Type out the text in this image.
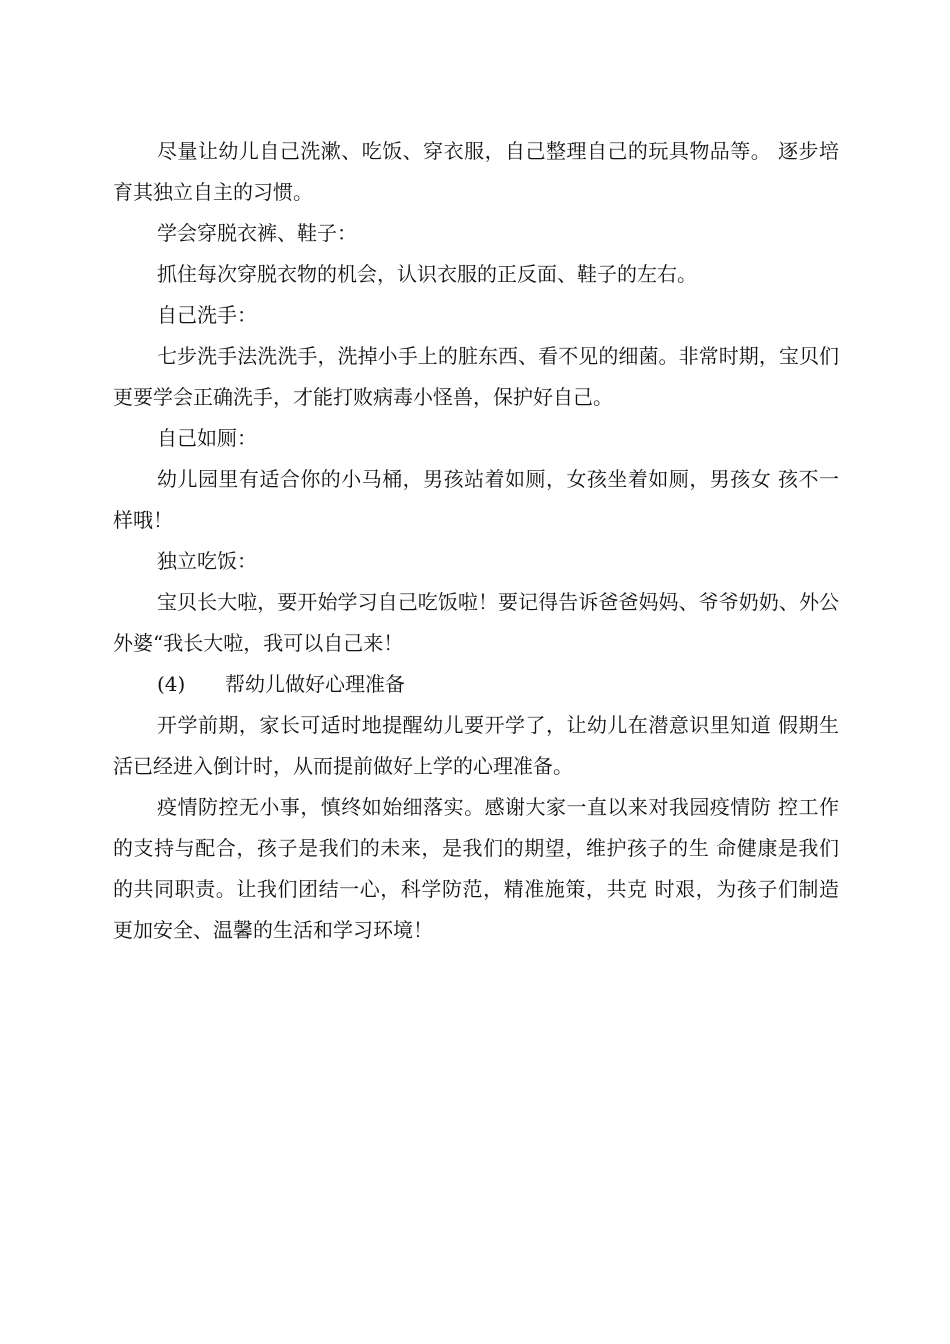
尽量让幼儿自己洗漱、吃饭、穿衣服，自己整理自己的玩具物品等。 逐步培育其独立自主的习惯。

学会穿脱衣裤、鞋子：

抓住每次穿脱衣物的机会，认识衣服的正反面、鞋子的左右。

自己洗手：

七步洗手法洗洗手，洗掉小手上的脏东西、看不见的细菌。非常时期，宝贝们更要学会正确洗手，才能打败病毒小怪兽，保护好自己。

自己如厕：

幼儿园里有适合你的小马桶，男孩站着如厕，女孩坐着如厕，男孩女 孩不一样哦！

独立吃饭：

宝贝长大啦，要开始学习自己吃饭啦！要记得告诉爸爸妈妈、爷爷奶奶、外公外婆“我长大啦，我可以自己来！

(4) 帮幼儿做好心理准备

开学前期，家长可适时地提醒幼儿要开学了，让幼儿在潜意识里知道 假期生活已经进入倒计时，从而提前做好上学的心理准备。

疫情防控无小事，慎终如始细落实。感谢大家一直以来对我园疫情防 控工作的支持与配合，孩子是我们的未来，是我们的期望，维护孩子的生 命健康是我们的共同职责。让我们团结一心，科学防范，精准施策，共克 时艰，为孩子们制造更加安全、温馨的生活和学习环境！
